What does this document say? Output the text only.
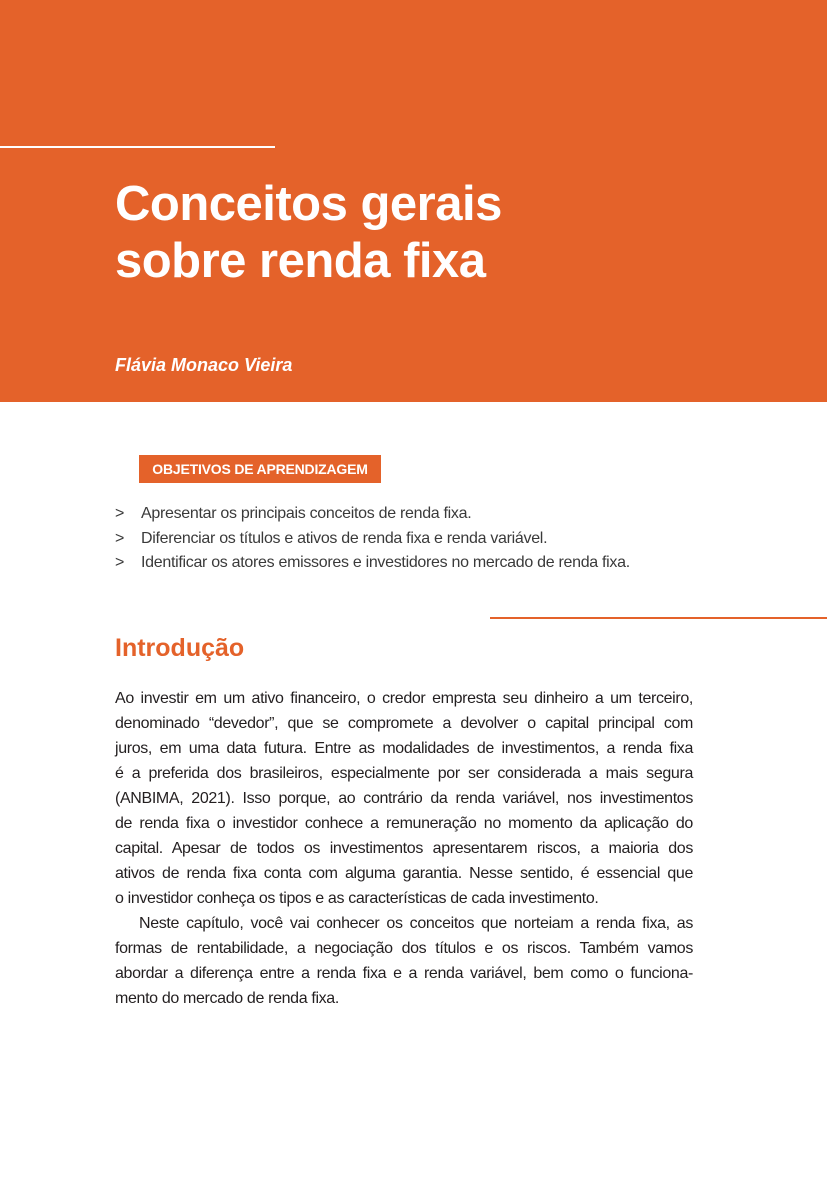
Conceitos gerais
sobre renda fixa
Flávia Monaco Vieira
OBJETIVOS DE APRENDIZAGEM
> Apresentar os principais conceitos de renda fixa.
> Diferenciar os títulos e ativos de renda fixa e renda variável.
> Identificar os atores emissores e investidores no mercado de renda fixa.
Introdução
Ao investir em um ativo financeiro, o credor empresta seu dinheiro a um terceiro,
denominado “devedor”, que se compromete a devolver o capital principal com
juros, em uma data futura. Entre as modalidades de investimentos, a renda fixa
é a preferida dos brasileiros, especialmente por ser considerada a mais segura
(ANBIMA, 2021). Isso porque, ao contrário da renda variável, nos investimentos
de renda fixa o investidor conhece a remuneração no momento da aplicação do
capital. Apesar de todos os investimentos apresentarem riscos, a maioria dos
ativos de renda fixa conta com alguma garantia. Nesse sentido, é essencial que
o investidor conheça os tipos e as características de cada investimento.
Neste capítulo, você vai conhecer os conceitos que norteiam a renda fixa, as
formas de rentabilidade, a negociação dos títulos e os riscos. Também vamos
abordar a diferença entre a renda fixa e a renda variável, bem como o funciona-
mento do mercado de renda fixa.
